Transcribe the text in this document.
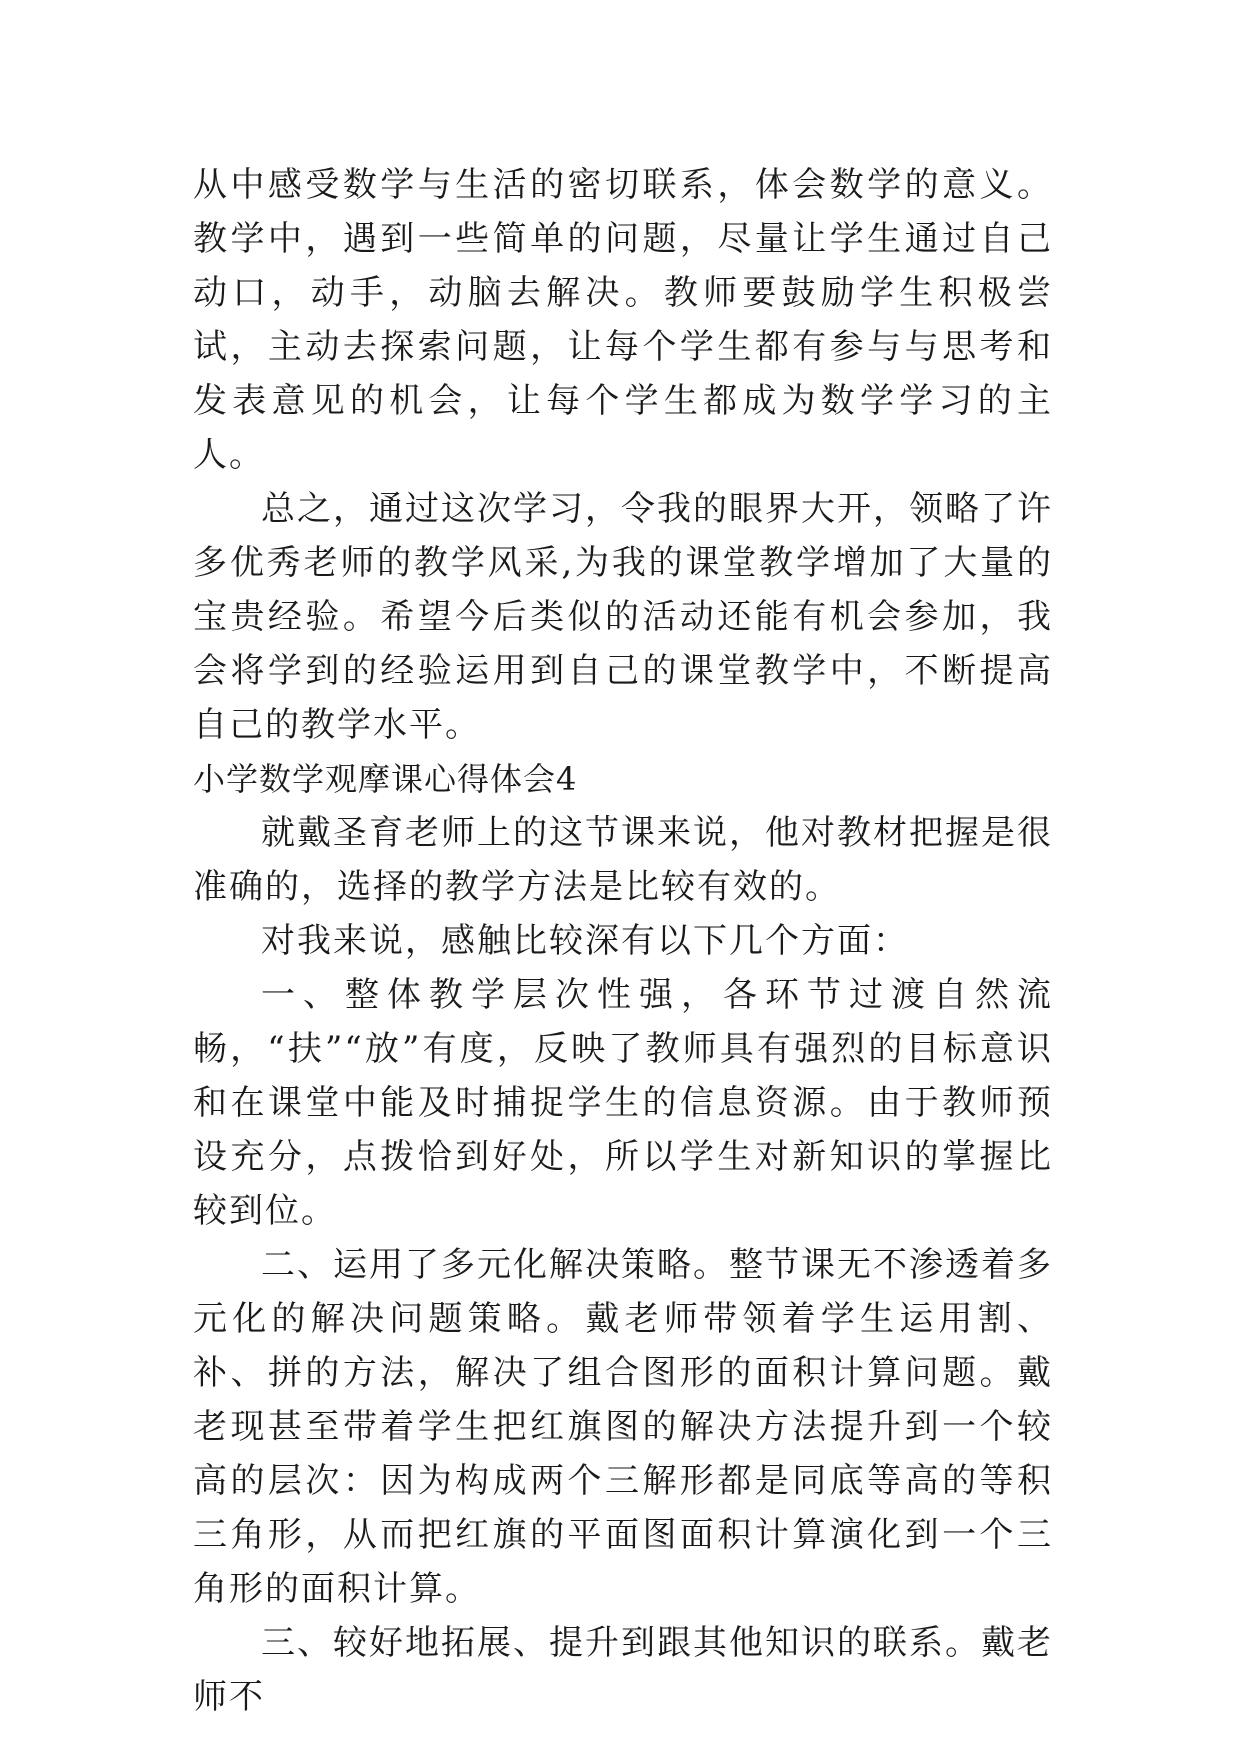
从中感受数学与生活的密切联系，体会数学的意义。教学中，遇到一些简单的问题，尽量让学生通过自己动口，动手，动脑去解决。教师要鼓励学生积极尝试，主动去探索问题，让每个学生都有参与与思考和发表意见的机会，让每个学生都成为数学学习的主人。

总之，通过这次学习，令我的眼界大开，领略了许多优秀老师的教学风采,为我的课堂教学增加了大量的宝贵经验。希望今后类似的活动还能有机会参加，我会将学到的经验运用到自己的课堂教学中，不断提高自己的教学水平。

小学数学观摩课心得体会4

就戴圣育老师上的这节课来说，他对教材把握是很准确的，选择的教学方法是比较有效的。

对我来说，感触比较深有以下几个方面：

一、整体教学层次性强，各环节过渡自然流畅，“扶”“放”有度，反映了教师具有强烈的目标意识和在课堂中能及时捕捉学生的信息资源。由于教师预设充分，点拨恰到好处，所以学生对新知识的掌握比较到位。

二、运用了多元化解决策略。整节课无不渗透着多元化的解决问题策略。戴老师带领着学生运用割、补、拼的方法，解决了组合图形的面积计算问题。戴老现甚至带着学生把红旗图的解决方法提升到一个较高的层次：因为构成两个三解形都是同底等高的等积三角形，从而把红旗的平面图面积计算演化到一个三角形的面积计算。

三、较好地拓展、提升到跟其他知识的联系。戴老师不
